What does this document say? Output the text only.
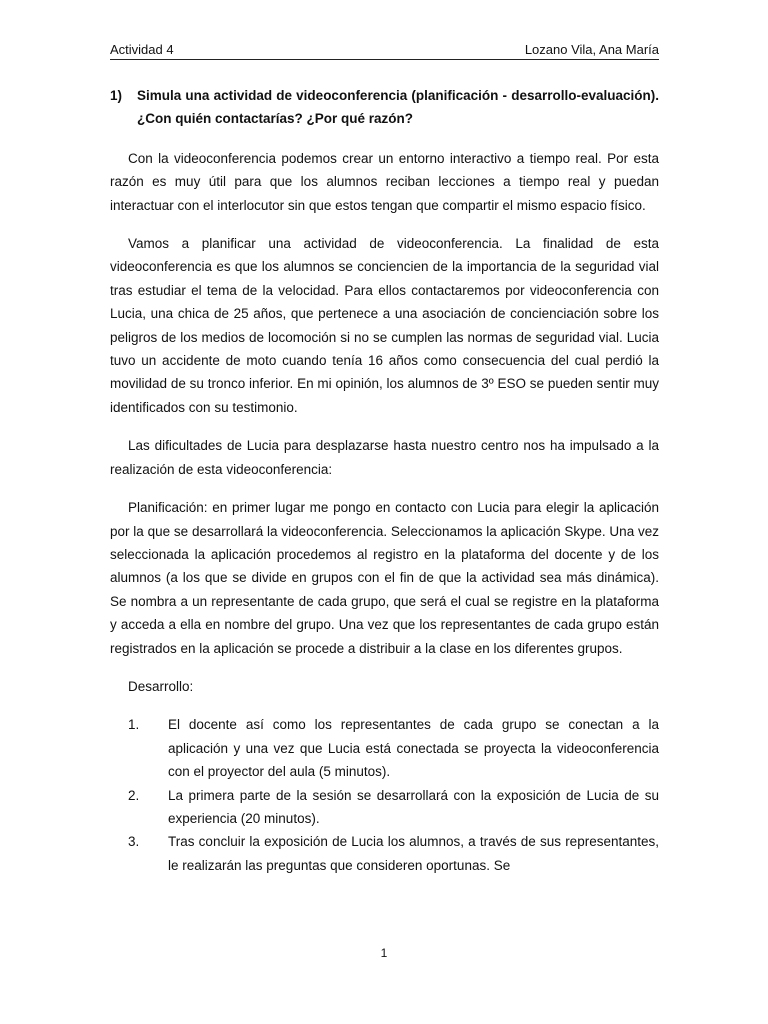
Actividad 4	Lozano Vila, Ana María
1)	Simula una actividad de videoconferencia (planificación - desarrollo-evaluación). ¿Con quién contactarías? ¿Por qué razón?

Con la videoconferencia podemos crear un entorno interactivo a tiempo real. Por esta razón es muy útil para que los alumnos reciban lecciones a tiempo real y puedan interactuar con el interlocutor sin que estos tengan que compartir el mismo espacio físico.

Vamos a planificar una actividad de videoconferencia. La finalidad de esta videoconferencia es que los alumnos se conciencien de la importancia de la seguridad vial tras estudiar el tema de la velocidad. Para ellos contactaremos por videoconferencia con Lucia, una chica de 25 años, que pertenece a una asociación de concienciación sobre los peligros de los medios de locomoción si no se cumplen las normas de seguridad vial. Lucia tuvo un accidente de moto cuando tenía 16 años como consecuencia del cual perdió la movilidad de su tronco inferior. En mi opinión, los alumnos de 3º ESO se pueden sentir muy identificados con su testimonio.

Las dificultades de Lucia para desplazarse hasta nuestro centro nos ha impulsado a la realización de esta videoconferencia:

Planificación: en primer lugar me pongo en contacto con Lucia para elegir la aplicación por la que se desarrollará la videoconferencia. Seleccionamos la aplicación Skype. Una vez seleccionada la aplicación procedemos al registro en la plataforma del docente y de los alumnos (a los que se divide en grupos con el fin de que la actividad sea más dinámica). Se nombra a un representante de cada grupo, que será el cual se registre en la plataforma y acceda a ella en nombre del grupo. Una vez que los representantes de cada grupo están registrados en la aplicación se procede a distribuir a la clase en los diferentes grupos.

Desarrollo:

1.	El docente así como los representantes de cada grupo se conectan a la aplicación y una vez que Lucia está conectada se proyecta la videoconferencia con el proyector del aula (5 minutos).
2.	La primera parte de la sesión se desarrollará con la exposición de Lucia de su experiencia (20 minutos).
3.	Tras concluir la exposición de Lucia los alumnos, a través de sus representantes, le realizarán las preguntas que consideren oportunas. Se
1
